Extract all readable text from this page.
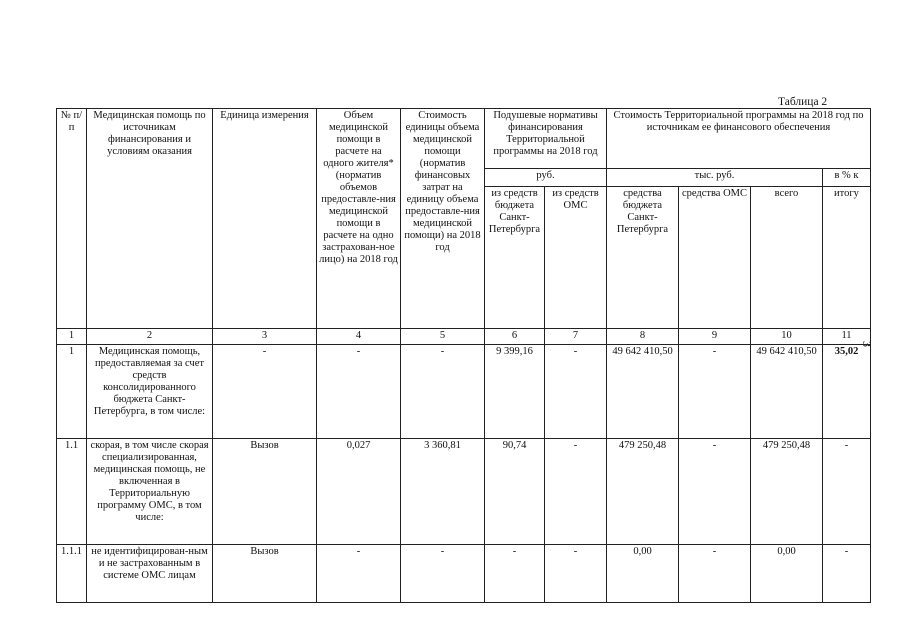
3
Таблица 2
№ п/п	Медицинская помощь по источникам финансирования и условиям оказания	Единица измерения	Объем медицинской помощи в расчете на одного жителя* (норматив объемов предоставле-ния медицинской помощи в расчете на одно застрахован-ное лицо) на 2018 год	Стоимость единицы объема медицинской помощи (норматив финансовых затрат на единицу объема предоставле-ния медицинской помощи) на 2018 год	Подушевые нормативы финансирования Территориальной программы на 2018 год		Стоимость Территориальной программы на 2018 год по источникам ее финансового обеспечения			
					руб.		тыс. руб.			в % к
					из средств бюджета Санкт-Петербурга	из средств ОМС	средства бюджета Санкт-Петербурга	средства ОМС	всего	итогу
1	2	3	4	5	6	7	8	9	10	11
1	Медицинская помощь, предоставляемая за счет средств консолидированного бюджета Санкт-Петербурга, в том числе:	-	-	-	9 399,16	-	49 642 410,50	-	49 642 410,50	35,02
1.1	скорая, в том числе скорая специализированная, медицинская помощь, не включенная в Территориальную программу ОМС, в том числе:	Вызов	0,027	3 360,81	90,74	-	479 250,48	-	479 250,48	-
1.1.1	не идентифицирован-ным и не застрахованным в системе ОМС лицам	Вызов	-	-	-	-	0,00	-	0,00	-
